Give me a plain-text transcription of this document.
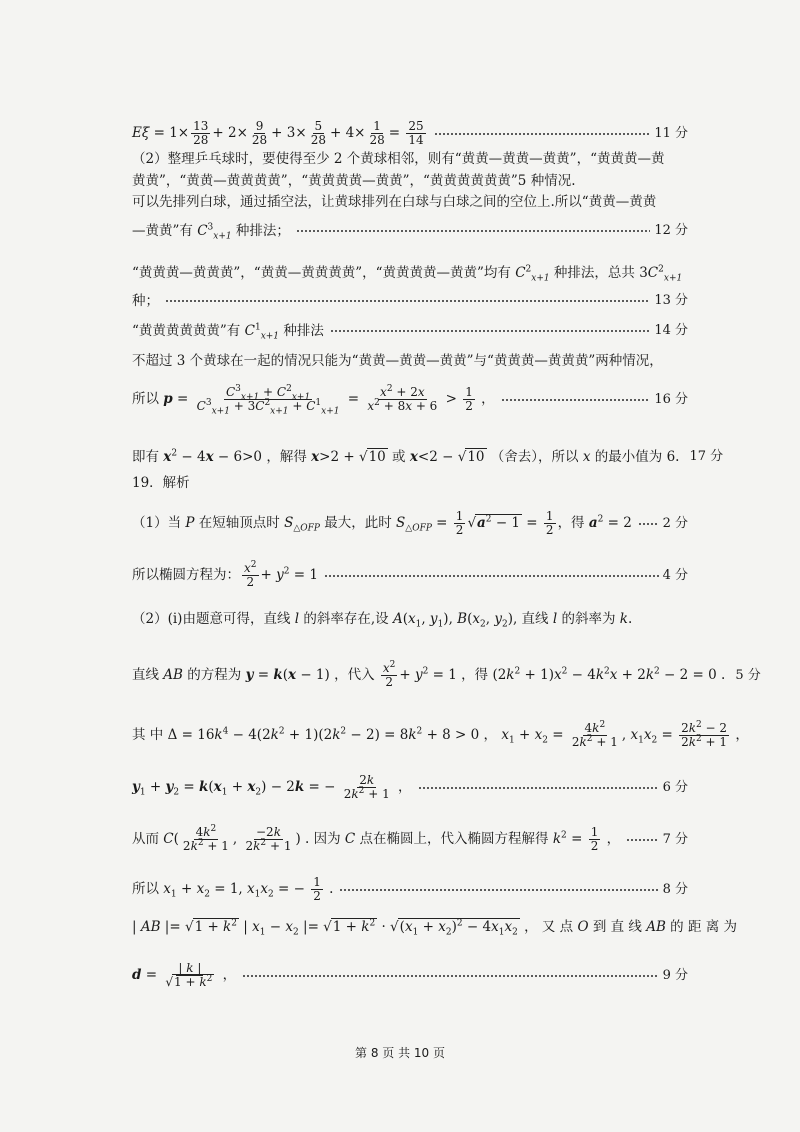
$E\xi = 1\times \frac{13}{28} + 2\times \frac{9}{28} + 3\times \frac{5}{28} + 4\times \frac{1}{28} = \frac{25}{14}$	11 分
（2）整理乒乓球时，要使得至少 2 个黄球相邻，则有“黄黄—黄黄—黄黄”，“黄黄黄—黄
黄黄”，“黄黄—黄黄黄黄”，“黄黄黄黄—黄黄”，“黄黄黄黄黄黄”5 种情况.
可以先排列白球，通过插空法，让黄球排列在白球与白球之间的空位上.所以“黄黄—黄黄
—黄黄”有 $C^3_{x+1}$ 种排法；	12 分
“黄黄黄—黄黄黄”，“黄黄—黄黄黄黄”，“黄黄黄黄—黄黄”均有 $C^2_{x+1}$ 种排法，总共 $3C^2_{x+1}$
种；	13 分
“黄黄黄黄黄黄”有 $C^1_{x+1}$ 种排法	14 分
不超过 3 个黄球在一起的情况只能为“黄黄—黄黄—黄黄”与“黄黄黄—黄黄黄”两种情况，
所以 $p = \frac{C^3_{x+1} + C^2_{x+1}}{C^3_{x+1} + 3C^2_{x+1} + C^1_{x+1}} = \frac{x^2 + 2x}{x^2 + 8x + 6} > \frac{1}{2}$ ，	16 分
即有 $x^2 - 4x - 6>0$ ，解得 x>2 + √10 或 x<2 − √10 （舍去），所以 x 的最小值为 6. 17 分
19．解析
（1）当 P 在短轴顶点时 $S_{\triangle OFP}$ 最大，此时 $S_{\triangle OFP} = \frac{1}{2} √a^2 - 1 = \frac{1}{2}$ ，得 $a^2 = 2$ 2 分
所以椭圆方程为： $\frac{x^2}{2} + y^2 = 1$	4 分
（2）(i)由题意可得，直线 l 的斜率存在,设 $A(x_1$, $y_1$), $B(x_2$, $y_2$), 直线 l 的斜率为 k.
直线 AB 的方程为 y = k(x − 1) ，代入 $\frac{x^2}{2} + y^2 = 1$ ，得 $(2k^2 + 1)x^2 - 4k^2x + 2k^2 - 2 = 0$ . 5 分
其 中 $\Delta = 16k^4 - 4(2k^2 + 1)(2k^2 - 2) = 8k^2 + 8 > 0$ ， $x_1 + x_2 = \frac{4k^2}{2k^2 + 1}$ , $x_1x_2 = \frac{2k^2 - 2}{2k^2 + 1}$ ，
$y_1 + y_2 = k(x_1 + x_2) - 2k$ = − $\frac{2k}{2k^2 + 1}$ ，	6 分
从而 $C( \frac{4k^2}{2k^2 + 1}$ , $\frac{-2k}{2k^2 + 1}$ ) . 因为 C 点在椭圆上，代入椭圆方程解得 $k^2 = \frac{1}{2}$ ，	7 分
所以 $x_1 + x_2 = 1$, $x_1x_2$ = − $\frac{1}{2}$ .	8 分
| AB |= $√1 + k^2$ | $x_1 - x_2$ |= $√1 + k^2 \cdot √(x_1 + x_2)^2 - 4x_1x_2$ ， 又 点 O 到 直 线 AB 的 距 离 为
$d = \frac{| k |}{√1 + k^2}$ ，	9 分
第 8 页 共 10 页
